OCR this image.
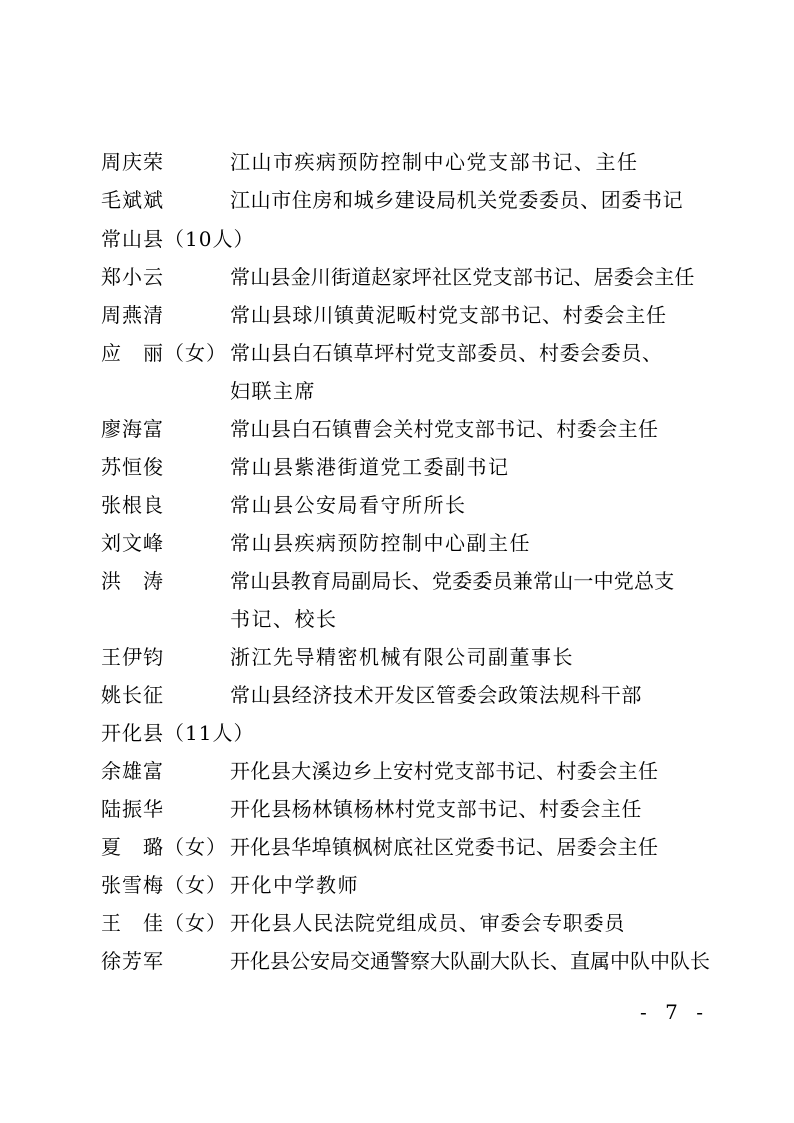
周庆荣	江山市疾病预防控制中心党支部书记、主任
毛斌斌	江山市住房和城乡建设局机关党委委员、团委书记
常山县（10人）
郑小云	常山县金川街道赵家坪社区党支部书记、居委会主任
周燕清	常山县球川镇黄泥畈村党支部书记、村委会主任
应　丽（女） 常山县白石镇草坪村党支部委员、村委会委员、
妇联主席
廖海富	常山县白石镇曹会关村党支部书记、村委会主任
苏恒俊	常山县紫港街道党工委副书记
张根良	常山县公安局看守所所长
刘文峰	常山县疾病预防控制中心副主任
洪　涛	常山县教育局副局长、党委委员兼常山一中党总支
书记、校长
王伊钧	浙江先导精密机械有限公司副董事长
姚长征	常山县经济技术开发区管委会政策法规科干部
开化县（11人）
余雄富	开化县大溪边乡上安村党支部书记、村委会主任
陆振华	开化县杨林镇杨林村党支部书记、村委会主任
夏　璐（女） 开化县华埠镇枫树底社区党委书记、居委会主任
张雪梅（女） 开化中学教师
王　佳（女） 开化县人民法院党组成员、审委会专职委员
徐芳军	开化县公安局交通警察大队副大队长、直属中队中队长
- 7 -
